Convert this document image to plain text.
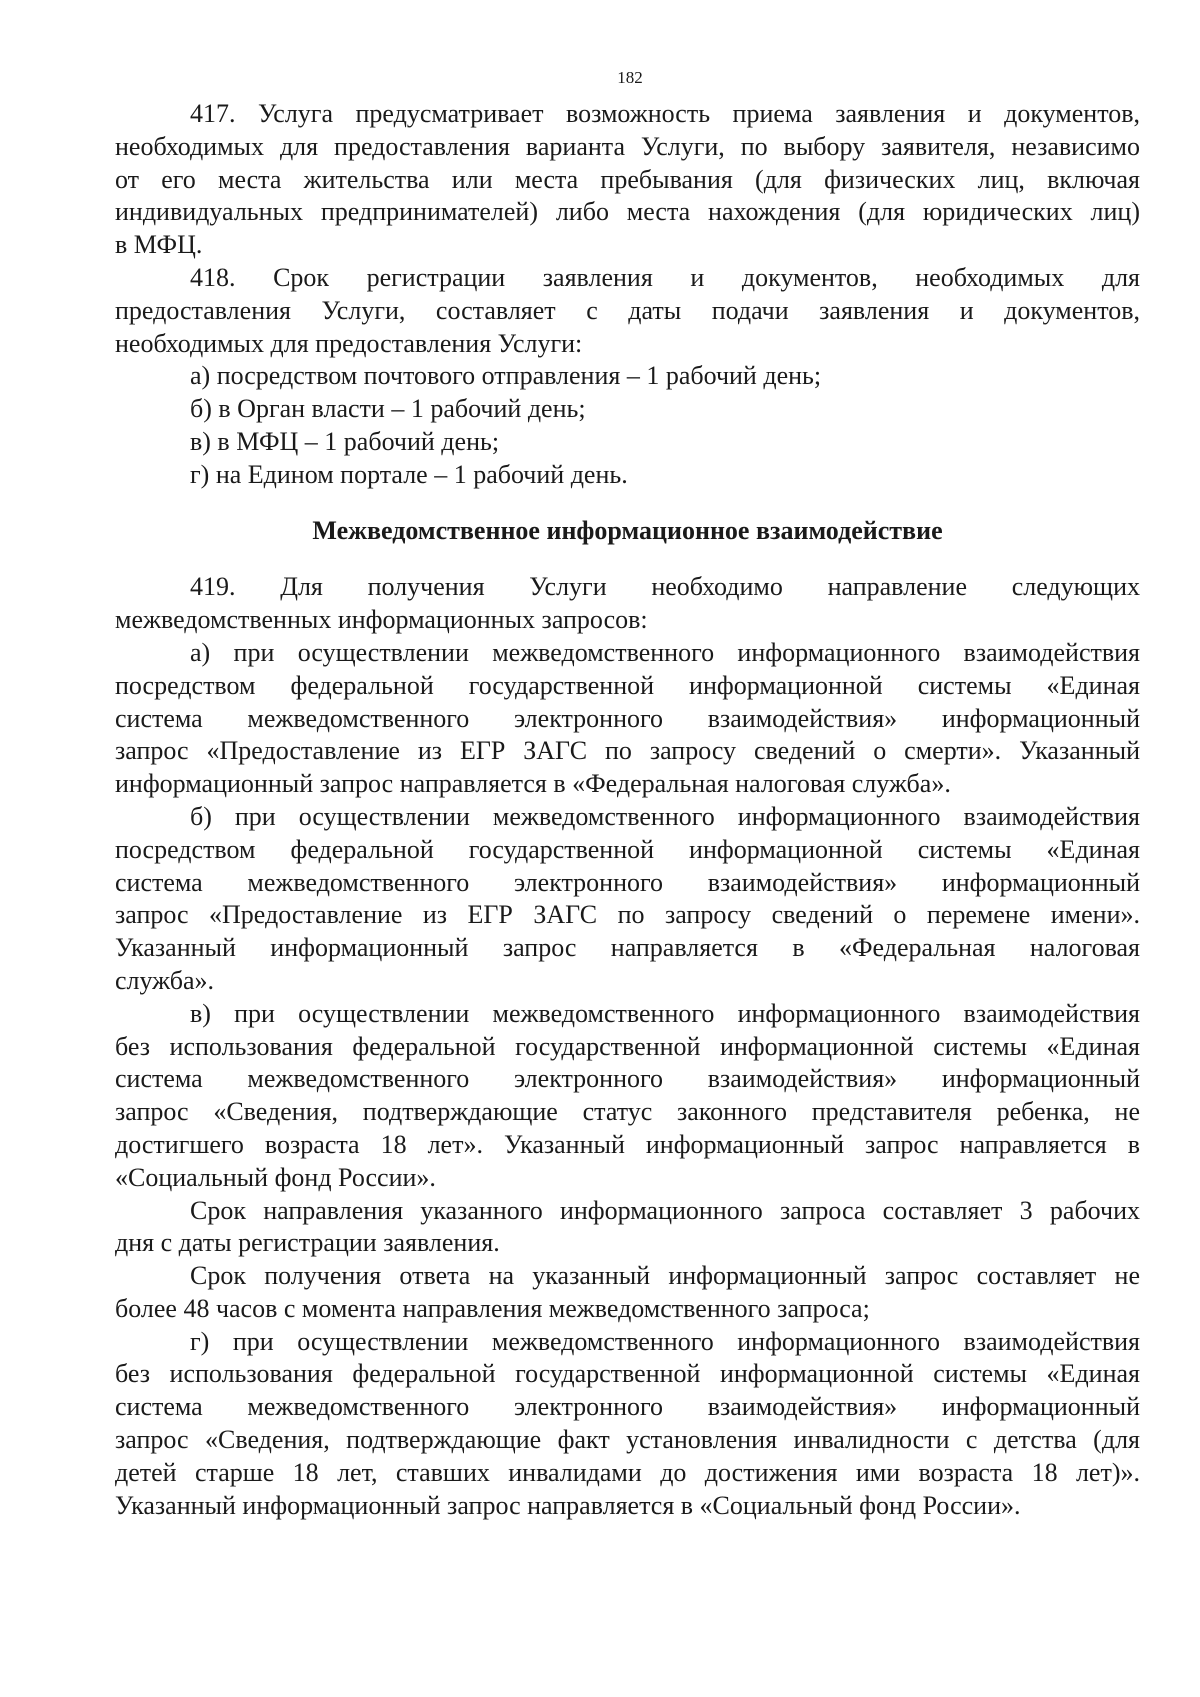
182
417. Услуга предусматривает возможность приема заявления и документов,
необходимых для предоставления варианта Услуги, по выбору заявителя, независимо
от его места жительства или места пребывания (для физических лиц, включая
индивидуальных предпринимателей) либо места нахождения (для юридических лиц)
в МФЦ.
418. Срок регистрации заявления и документов, необходимых для
предоставления Услуги, составляет с даты подачи заявления и документов,
необходимых для предоставления Услуги:
а) посредством почтового отправления – 1 рабочий день;
б) в Орган власти – 1 рабочий день;
в) в МФЦ – 1 рабочий день;
г) на Едином портале – 1 рабочий день.
Межведомственное информационное взаимодействие
419. Для получения Услуги необходимо направление следующих
межведомственных информационных запросов:
а) при осуществлении межведомственного информационного взаимодействия
посредством федеральной государственной информационной системы «Единая
система межведомственного электронного взаимодействия» информационный
запрос «Предоставление из ЕГР ЗАГС по запросу сведений о смерти». Указанный
информационный запрос направляется в «Федеральная налоговая служба».
б) при осуществлении межведомственного информационного взаимодействия
посредством федеральной государственной информационной системы «Единая
система межведомственного электронного взаимодействия» информационный
запрос «Предоставление из ЕГР ЗАГС по запросу сведений о перемене имени».
Указанный информационный запрос направляется в «Федеральная налоговая
служба».
в) при осуществлении межведомственного информационного взаимодействия
без использования федеральной государственной информационной системы «Единая
система межведомственного электронного взаимодействия» информационный
запрос «Сведения, подтверждающие статус законного представителя ребенка, не
достигшего возраста 18 лет». Указанный информационный запрос направляется в
«Социальный фонд России».
Срок направления указанного информационного запроса составляет 3 рабочих
дня с даты регистрации заявления.
Срок получения ответа на указанный информационный запрос составляет не
более 48 часов с момента направления межведомственного запроса;
г) при осуществлении межведомственного информационного взаимодействия
без использования федеральной государственной информационной системы «Единая
система межведомственного электронного взаимодействия» информационный
запрос «Сведения, подтверждающие факт установления инвалидности с детства (для
детей старше 18 лет, ставших инвалидами до достижения ими возраста 18 лет)».
Указанный информационный запрос направляется в «Социальный фонд России».
